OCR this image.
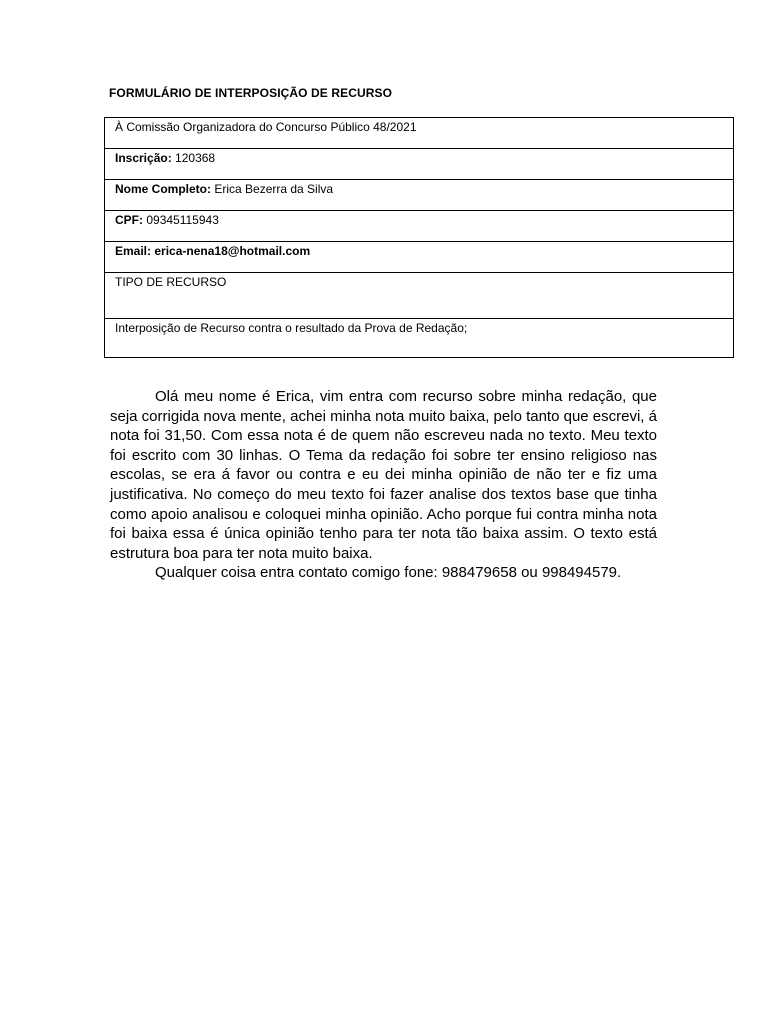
FORMULÁRIO DE INTERPOSIÇÃO DE RECURSO
À Comissão Organizadora do Concurso Público 48/2021
Inscrição: 120368
Nome Completo: Erica Bezerra da Silva
CPF: 09345115943
Email: erica-nena18@hotmail.com
TIPO DE RECURSO
Interposição de Recurso contra o resultado da Prova de Redação;

Olá meu nome é Erica, vim entra com recurso sobre minha redação, que seja corrigida nova mente, achei minha nota muito baixa, pelo tanto que escrevi, á nota foi 31,50. Com essa nota é de quem não escreveu nada no texto. Meu texto foi escrito com 30 linhas. O Tema da redação foi sobre ter ensino religioso nas escolas, se era á favor ou contra e eu dei minha opinião de não ter e fiz uma justificativa. No começo do meu texto foi fazer analise dos textos base que tinha como apoio analisou e coloquei minha opinião. Acho porque fui contra minha nota foi baixa essa é única opinião tenho para ter nota tão baixa assim. O texto está estrutura boa para ter nota muito baixa.

Qualquer coisa entra contato comigo fone: 988479658 ou 998494579.
